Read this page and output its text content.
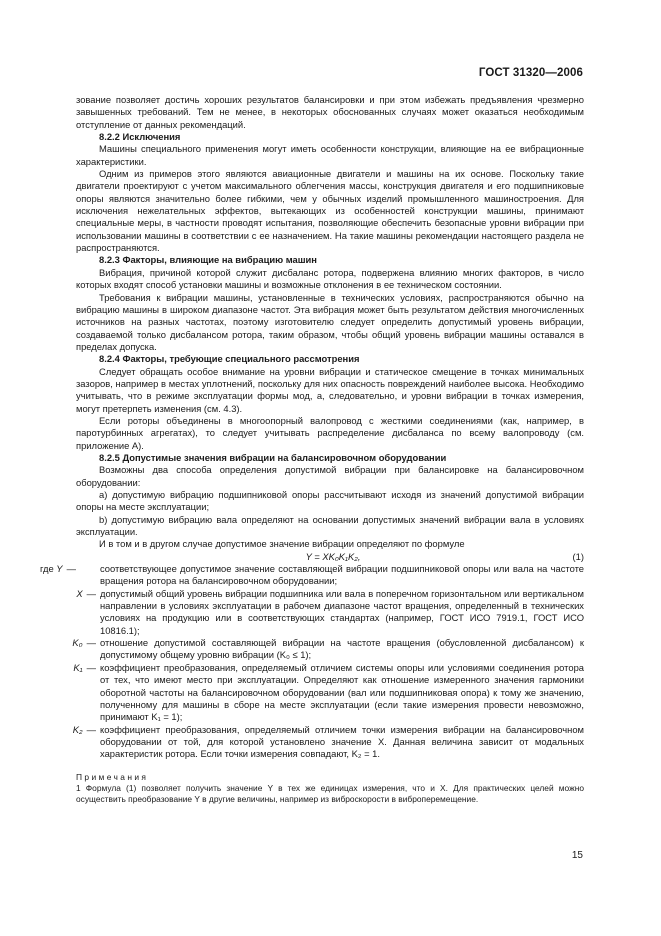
ГОСТ 31320—2006

зование позволяет достичь хороших результатов балансировки и при этом избежать предъявления чрезмерно завышенных требований. Тем не менее, в некоторых обоснованных случаях может оказаться необходимым отступление от данных рекомендаций.

8.2.2 Исключения

Машины специального применения могут иметь особенности конструкции, влияющие на ее вибрационные характеристики.

Одним из примеров этого являются авиационные двигатели и машины на их основе. Поскольку такие двигатели проектируют с учетом максимального облегчения массы, конструкция двигателя и его подшипниковые опоры являются значительно более гибкими, чем у обычных изделий промышленного машиностроения. Для исключения нежелательных эффектов, вытекающих из особенностей конструкции машины, принимают специальные меры, в частности проводят испытания, позволяющие обеспечить безопасные уровни вибрации при использовании машины в соответствии с ее назначением. На такие машины рекомендации настоящего раздела не распространяются.

8.2.3 Факторы, влияющие на вибрацию машин

Вибрация, причиной которой служит дисбаланс ротора, подвержена влиянию многих факторов, в число которых входят способ установки машины и возможные отклонения в ее техническом состоянии.

Требования к вибрации машины, установленные в технических условиях, распространяются обычно на вибрацию машины в широком диапазоне частот. Эта вибрация может быть результатом действия многочисленных источников на разных частотах, поэтому изготовителю следует определить допустимый уровень вибрации, создаваемой только дисбалансом ротора, таким образом, чтобы общий уровень вибрации машины оставался в пределах допуска.

8.2.4 Факторы, требующие специального рассмотрения

Следует обращать особое внимание на уровни вибрации и статическое смещение в точках минимальных зазоров, например в местах уплотнений, поскольку для них опасность повреждений наиболее высока. Необходимо учитывать, что в режиме эксплуатации формы мод, а, следовательно, и уровни вибрации в точках измерения, могут претерпеть изменения (см. 4.3).

Если роторы объединены в многоопорный валопровод с жесткими соединениями (как, например, в паротурбинных агрегатах), то следует учитывать распределение дисбаланса по всему валопроводу (см. приложение А).

8.2.5 Допустимые значения вибрации на балансировочном оборудовании

Возможны два способа определения допустимой вибрации при балансировке на балансировочном оборудовании:

а) допустимую вибрацию подшипниковой опоры рассчитывают исходя из значений допустимой вибрации опоры на месте эксплуатации;

b) допустимую вибрацию вала определяют на основании допустимых значений вибрации вала в условиях эксплуатации.

И в том и в другом случае допустимое значение вибрации определяют по формуле

Y = XK₀K₁K₂,	(1)
где Y —	соответствующее допустимое значение составляющей вибрации подшипниковой опоры или вала на частоте вращения ротора на балансировочном оборудовании;
X — допустимый общий уровень вибрации подшипника или вала в поперечном горизонтальном или вертикальном направлении в условиях эксплуатации в рабочем диапазоне частот вращения, определенный в технических условиях на продукцию или в соответствующих стандартах (например, ГОСТ ИСО 7919.1, ГОСТ ИСО 10816.1);
K₀ — отношение допустимой составляющей вибрации на частоте вращения (обусловленной дисбалансом) к допустимому общему уровню вибрации (K₀ ≤ 1);
K₁ — коэффициент преобразования, определяемый отличием системы опоры или условиями соединения ротора от тех, что имеют место при эксплуатации. Определяют как отношение измеренного значения гармоники оборотной частоты на балансировочном оборудовании (вал или подшипниковая опора) к тому же значению, полученному для машины в сборе на месте эксплуатации (если такие измерения провести невозможно, принимают K₁ = 1);
K₂ — коэффициент преобразования, определяемый отличием точки измерения вибрации на балансировочном оборудовании от той, для которой установлено значение X. Данная величина зависит от модальных характеристик ротора. Если точки измерения совпадают, K₂ = 1.

Примечания

1 Формула (1) позволяет получить значение Y в тех же единицах измерения, что и X. Для практических целей можно осуществить преобразование Y в другие величины, например из виброскорости в виброперемещение.

15
